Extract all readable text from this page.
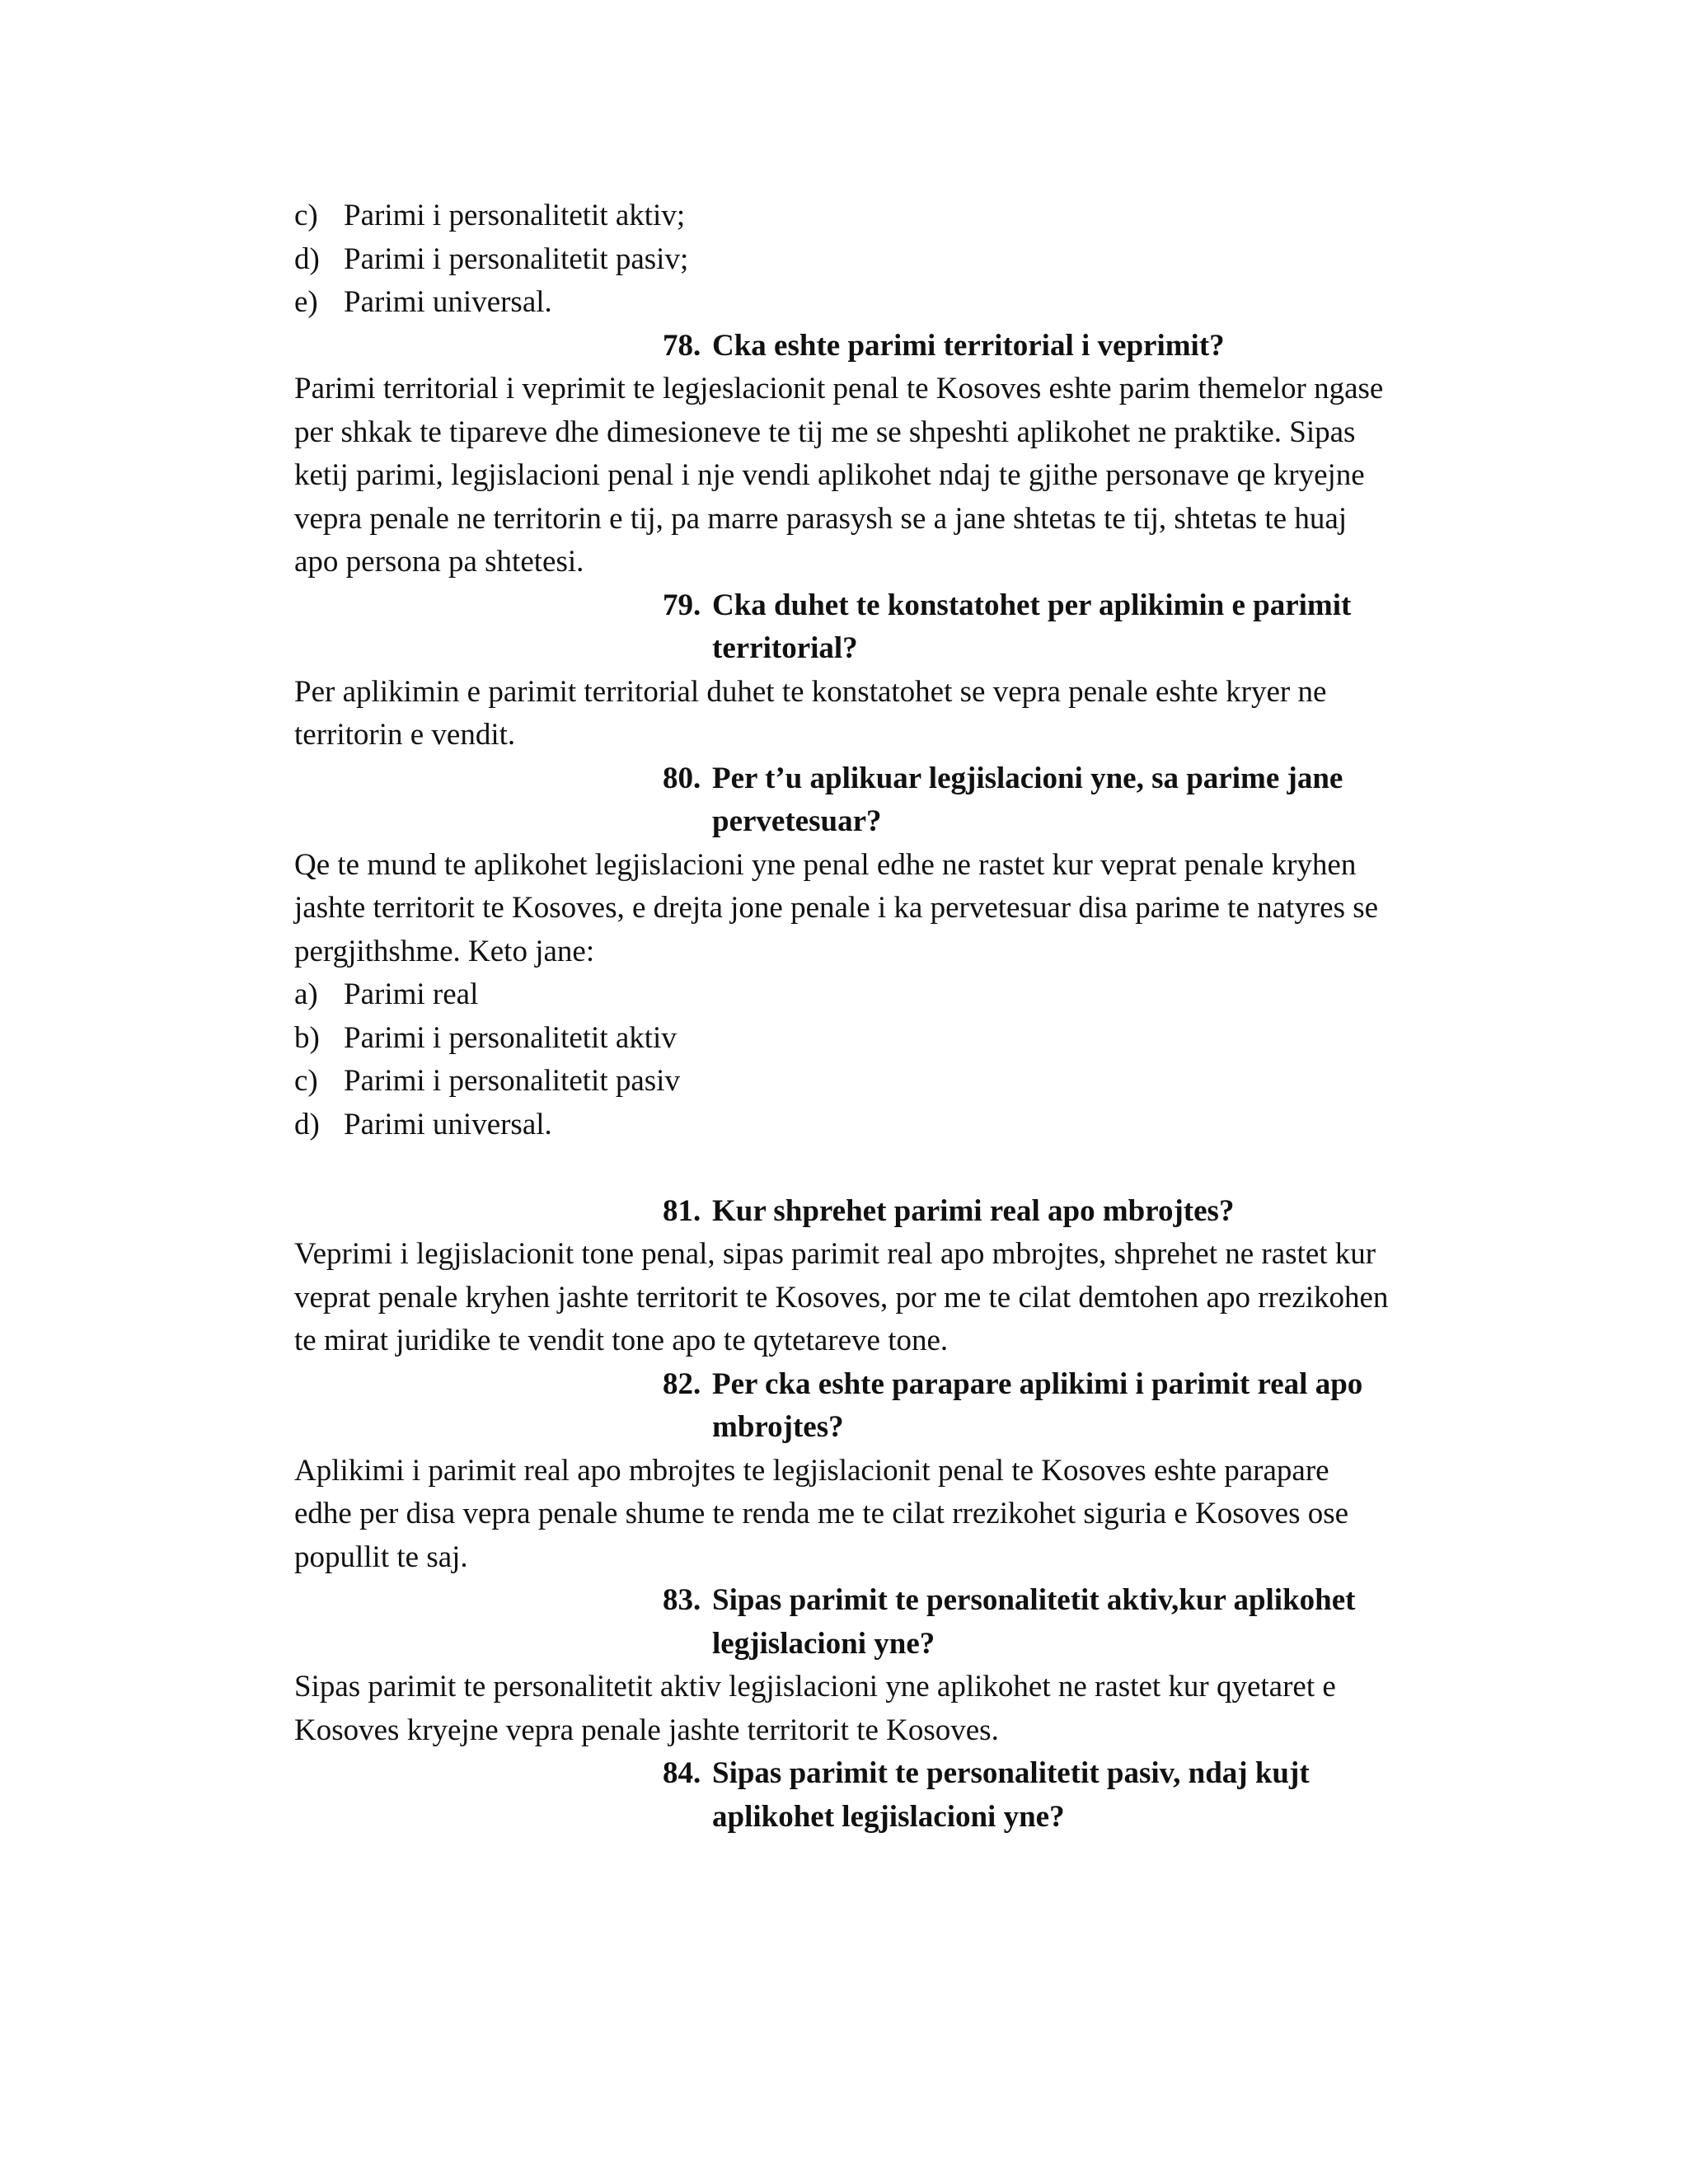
c) Parimi i personalitetit aktiv;
d) Parimi i personalitetit pasiv;
e) Parimi universal.
78. Cka eshte parimi territorial i veprimit?
Parimi territorial i veprimit te legjeslacionit penal te Kosoves eshte parim themelor ngase
per shkak te tipareve dhe dimesioneve te tij me se shpeshti aplikohet ne praktike. Sipas
ketij parimi, legjislacioni penal i nje vendi aplikohet ndaj te gjithe personave qe kryejne
vepra penale ne territorin e tij, pa marre parasysh se a jane shtetas te tij, shtetas te huaj
apo persona pa shtetesi.
79. Cka duhet te konstatohet per aplikimin e parimit
territorial?
Per aplikimin e parimit territorial duhet te konstatohet se vepra penale eshte kryer ne
territorin e vendit.
80. Per t’u aplikuar legjislacioni yne, sa parime jane
pervetesuar?
Qe te mund te aplikohet legjislacioni yne penal edhe ne rastet kur veprat penale kryhen
jashte territorit te Kosoves, e drejta jone penale i ka pervetesuar disa parime te natyres se
pergjithshme. Keto jane:
a) Parimi real
b) Parimi i personalitetit aktiv
c) Parimi i personalitetit pasiv
d) Parimi universal.
81. Kur shprehet parimi real apo mbrojtes?
Veprimi i legjislacionit tone penal, sipas parimit real apo mbrojtes, shprehet ne rastet kur
veprat penale kryhen jashte territorit te Kosoves, por me te cilat demtohen apo rrezikohen
te mirat juridike te vendit tone apo te qytetareve tone.
82. Per cka eshte parapare aplikimi i parimit real apo
mbrojtes?
Aplikimi i parimit real apo mbrojtes te legjislacionit penal te Kosoves eshte parapare
edhe per disa vepra penale shume te renda me te cilat rrezikohet siguria e Kosoves ose
popullit te saj.
83. Sipas parimit te personalitetit aktiv,kur aplikohet
legjislacioni yne?
Sipas parimit te personalitetit aktiv legjislacioni yne aplikohet ne rastet kur qyetaret e
Kosoves kryejne vepra penale jashte territorit te Kosoves.
84. Sipas parimit te personalitetit pasiv, ndaj kujt
aplikohet legjislacioni yne?
